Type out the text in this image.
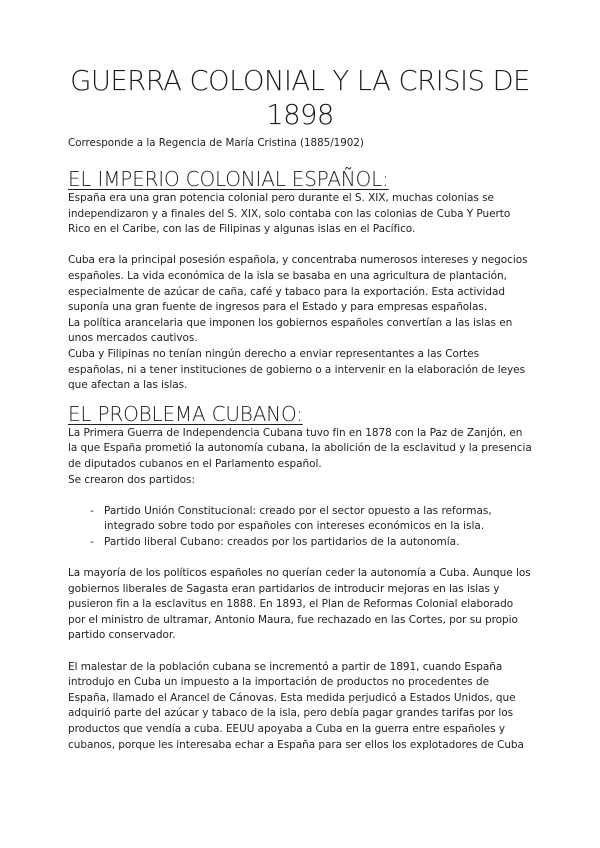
GUERRA COLONIAL Y LA CRISIS DE 1898

Corresponde a la Regencia de María Cristina (1885/1902)

EL IMPERIO COLONIAL ESPAÑOL:

España era una gran potencia colonial pero durante el S. XIX, muchas colonias se independizaron y a finales del S. XIX, solo contaba con las colonias de Cuba Y Puerto Rico en el Caribe, con las de Filipinas y algunas islas en el Pacífico.

Cuba era la principal posesión española, y concentraba numerosos intereses y negocios españoles. La vida económica de la isla se basaba en una agricultura de plantación, especialmente de azúcar de caña, café y tabaco para la exportación. Esta actividad suponía una gran fuente de ingresos para el Estado y para empresas españolas.

La política arancelaria que imponen los gobiernos españoles convertían a las islas en unos mercados cautivos.

Cuba y Filipinas no tenían ningún derecho a enviar representantes a las Cortes españolas, ni a tener instituciones de gobierno o a intervenir en la elaboración de leyes que afectan a las islas.

EL PROBLEMA CUBANO:

La Primera Guerra de Independencia Cubana tuvo fin en 1878 con la Paz de Zanjón, en la que España prometió la autonomía cubana, la abolición de la esclavitud y la presencia de diputados cubanos en el Parlamento español.

Se crearon dos partidos:

- Partido Unión Constitucional: creado por el sector opuesto a las reformas, integrado sobre todo por españoles con intereses económicos en la isla.
- Partido liberal Cubano: creados por los partidarios de la autonomía.

La mayoría de los políticos españoles no querían ceder la autonomía a Cuba. Aunque los gobiernos liberales de Sagasta eran partidarios de introducir mejoras en las islas y pusieron fin a la esclavitus en 1888. En 1893, el Plan de Reformas Colonial elaborado por el ministro de ultramar, Antonio Maura, fue rechazado en las Cortes, por su propio partido conservador.

El malestar de la población cubana se incrementó a partir de 1891, cuando España introdujo en Cuba un impuesto a la importación de productos no procedentes de España, llamado el Arancel de Cánovas. Esta medida perjudicó a Estados Unidos, que adquirió parte del azúcar y tabaco de la isla, pero debía pagar grandes tarifas por los productos que vendía a cuba. EEUU apoyaba a Cuba en la guerra entre españoles y cubanos, porque les interesaba echar a España para ser ellos los explotadores de Cuba
